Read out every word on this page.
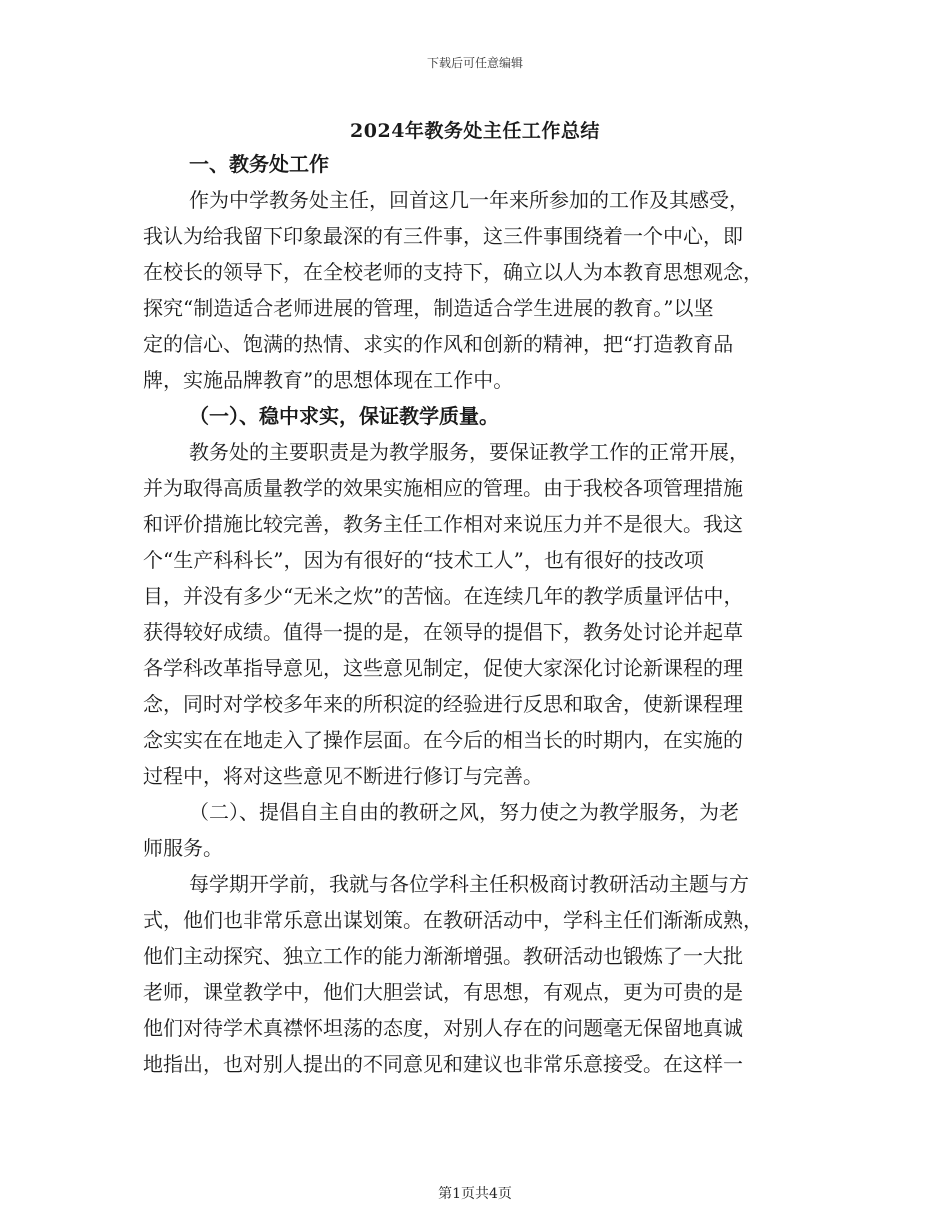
下载后可任意编辑
2024年教务处主任工作总结
一、教务处工作
作为中学教务处主任，回首这几一年来所参加的工作及其感受，
我认为给我留下印象最深的有三件事，这三件事围绕着一个中心，即
在校长的领导下，在全校老师的支持下，确立以人为本教育思想观念，
探究“制造适合老师进展的管理，制造适合学生进展的教育。”以坚
定的信心、饱满的热情、求实的作风和创新的精神，把“打造教育品
牌，实施品牌教育”的思想体现在工作中。
（一）、稳中求实，保证教学质量。
教务处的主要职责是为教学服务，要保证教学工作的正常开展，
并为取得高质量教学的效果实施相应的管理。由于我校各项管理措施
和评价措施比较完善，教务主任工作相对来说压力并不是很大。我这
个“生产科科长”，因为有很好的“技术工人”，也有很好的技改项
目，并没有多少“无米之炊”的苦恼。在连续几年的教学质量评估中，
获得较好成绩。值得一提的是，在领导的提倡下，教务处讨论并起草
各学科改革指导意见，这些意见制定，促使大家深化讨论新课程的理
念，同时对学校多年来的所积淀的经验进行反思和取舍，使新课程理
念实实在在地走入了操作层面。在今后的相当长的时期内，在实施的
过程中，将对这些意见不断进行修订与完善。
（二）、提倡自主自由的教研之风，努力使之为教学服务，为老
师服务。
每学期开学前，我就与各位学科主任积极商讨教研活动主题与方
式，他们也非常乐意出谋划策。在教研活动中，学科主任们渐渐成熟，
他们主动探究、独立工作的能力渐渐增强。教研活动也锻炼了一大批
老师，课堂教学中，他们大胆尝试，有思想，有观点，更为可贵的是
他们对待学术真襟怀坦荡的态度，对别人存在的问题毫无保留地真诚
地指出，也对别人提出的不同意见和建议也非常乐意接受。在这样一
第1页共4页
